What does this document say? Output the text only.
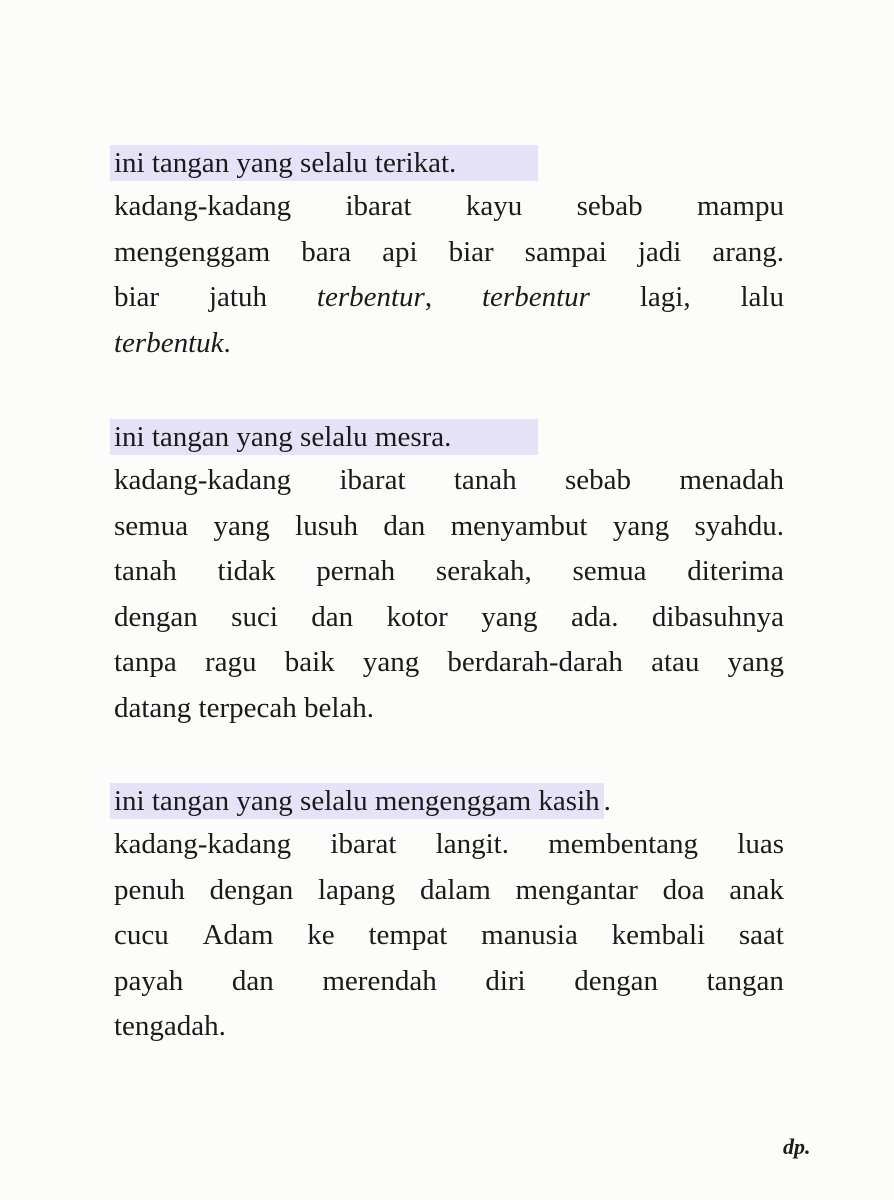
ini tangan yang selalu terikat.
kadang-kadang ibarat kayu sebab mampu
mengenggam bara api biar sampai jadi arang.
biar jatuh terbentur, terbentur lagi, lalu
terbentuk.
ini tangan yang selalu mesra.
kadang-kadang ibarat tanah sebab menadah
semua yang lusuh dan menyambut yang syahdu.
tanah tidak pernah serakah, semua diterima
dengan suci dan kotor yang ada. dibasuhnya
tanpa ragu baik yang berdarah-darah atau yang
datang terpecah belah.
ini tangan yang selalu mengenggam kasih .
kadang-kadang ibarat langit. membentang luas
penuh dengan lapang dalam mengantar doa anak
cucu Adam ke tempat manusia kembali saat
payah dan merendah diri dengan tangan
tengadah.
dp.
